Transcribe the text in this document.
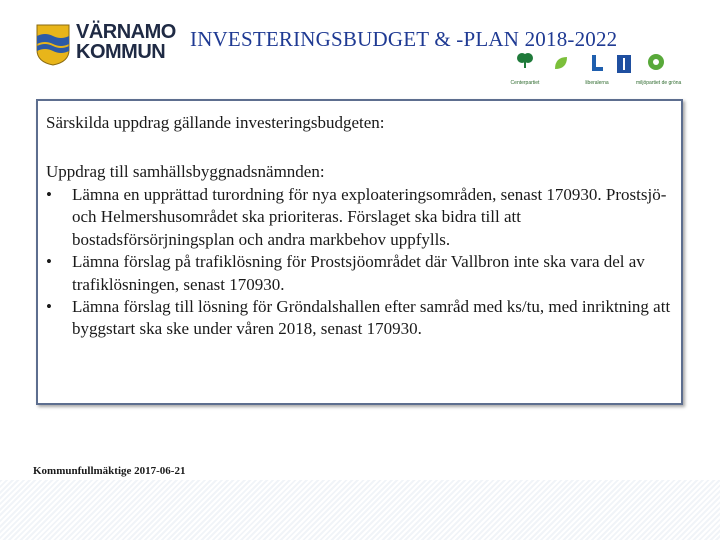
VÄRNAMO
KOMMUN
INVESTERINGSBUDGET & -PLAN 2018-2022
Centerpartiet	liberalerna	miljöpartiet de gröna
Särskilda uppdrag gällande investeringsbudgeten:
Uppdrag till samhällsbyggnadsnämnden:
• Lämna en upprättad turordning för nya exploateringsområden, senast 170930. Prostsjö- och Helmershusområdet ska prioriteras. Förslaget ska bidra till att bostadsförsörjningsplan och andra markbehov uppfylls.
• Lämna förslag på trafiklösning för Prostsjöområdet där Vallbron inte ska vara del av trafiklösningen, senast 170930.
• Lämna förslag till lösning för Gröndalshallen efter samråd med ks/tu, med inriktning att byggstart ska ske under våren 2018, senast 170930.
Kommunfullmäktige 2017-06-21
